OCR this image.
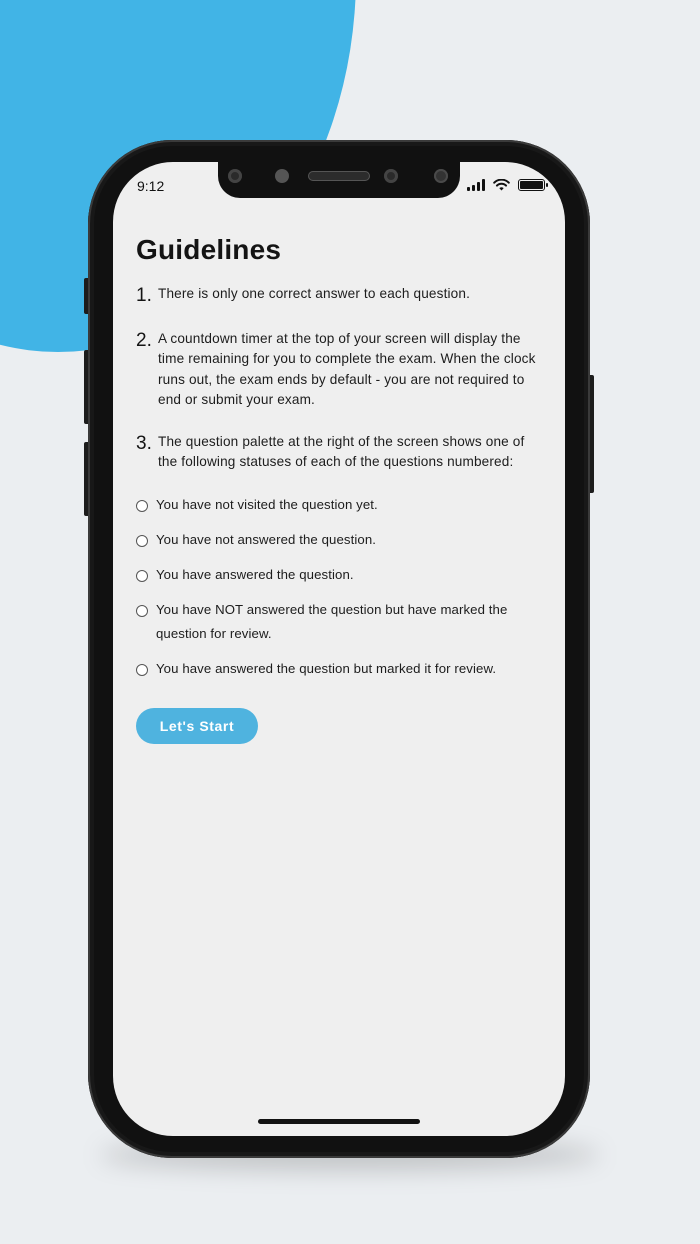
9:12
Guidelines
1. There is only one correct answer to each question.
2. A countdown timer at the top of your screen will display the time remaining for you to complete the exam. When the clock runs out, the exam ends by default - you are not required to end or submit your exam.
3. The question palette at the right of the screen shows one of the following statuses of each of the questions numbered:
You have not visited the question yet.
You have not answered the question.
You have answered the question.
You have NOT answered the question but have marked the question for review.
You have answered the question but marked it for review.
Let's Start
